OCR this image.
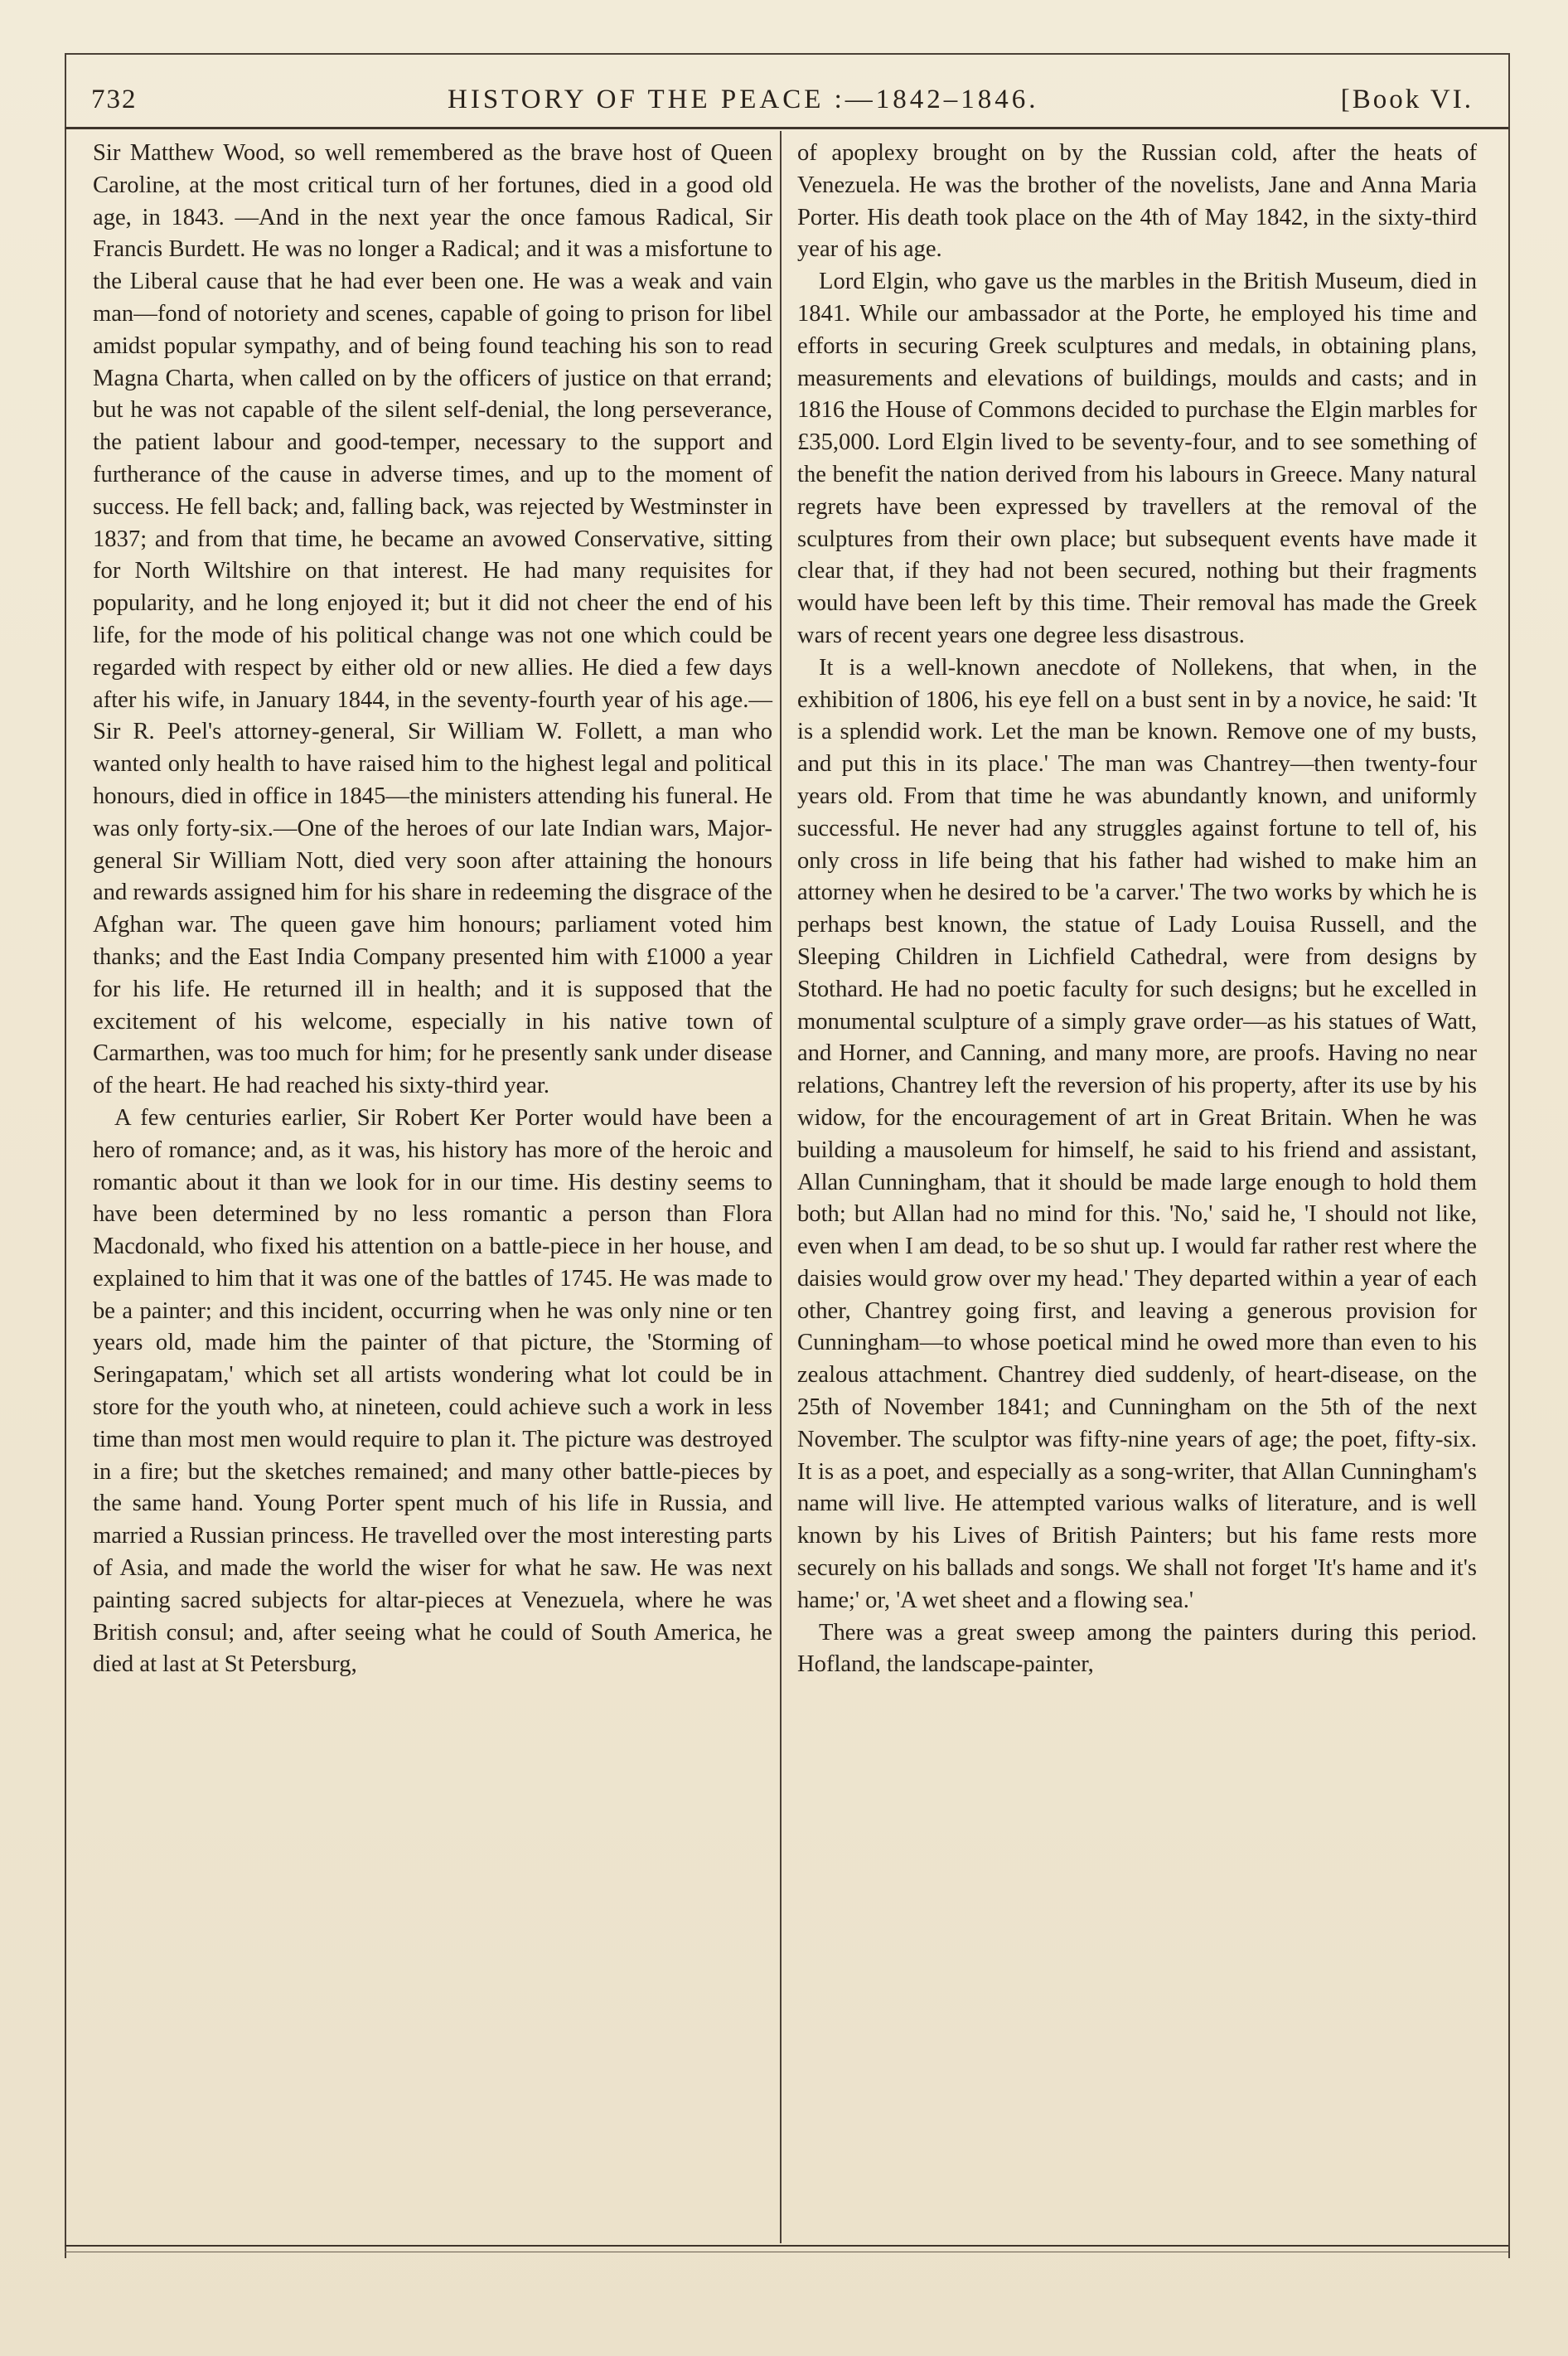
732	HISTORY OF THE PEACE :—1842–1846.	[Book VI.

Sir Matthew Wood, so well remembered as the brave host of Queen Caroline, at the most critical turn of her fortunes, died in a good old age, in 1843. —And in the next year the once famous Radical, Sir Francis Burdett. He was no longer a Radical; and it was a misfortune to the Liberal cause that he had ever been one. He was a weak and vain man—fond of notoriety and scenes, capable of going to prison for libel amidst popular sympathy, and of being found teaching his son to read Magna Charta, when called on by the officers of justice on that errand; but he was not capable of the silent self-denial, the long perseverance, the patient labour and good-temper, necessary to the support and furtherance of the cause in adverse times, and up to the moment of success. He fell back; and, falling back, was rejected by Westminster in 1837; and from that time, he became an avowed Conservative, sitting for North Wiltshire on that interest. He had many requisites for popularity, and he long enjoyed it; but it did not cheer the end of his life, for the mode of his political change was not one which could be regarded with respect by either old or new allies. He died a few days after his wife, in January 1844, in the seventy-fourth year of his age.—Sir R. Peel's attorney-general, Sir William W. Follett, a man who wanted only health to have raised him to the highest legal and political honours, died in office in 1845—the ministers attending his funeral. He was only forty-six.—One of the heroes of our late Indian wars, Major-general Sir William Nott, died very soon after attaining the honours and rewards assigned him for his share in redeeming the disgrace of the Afghan war. The queen gave him honours; parliament voted him thanks; and the East India Company presented him with £1000 a year for his life. He returned ill in health; and it is supposed that the excitement of his welcome, especially in his native town of Carmarthen, was too much for him; for he presently sank under disease of the heart. He had reached his sixty-third year.

A few centuries earlier, Sir Robert Ker Porter would have been a hero of romance; and, as it was, his history has more of the heroic and romantic about it than we look for in our time. His destiny seems to have been determined by no less romantic a person than Flora Macdonald, who fixed his attention on a battle-piece in her house, and explained to him that it was one of the battles of 1745. He was made to be a painter; and this incident, occurring when he was only nine or ten years old, made him the painter of that picture, the 'Storming of Seringapatam,' which set all artists wondering what lot could be in store for the youth who, at nineteen, could achieve such a work in less time than most men would require to plan it. The picture was destroyed in a fire; but the sketches remained; and many other battle-pieces by the same hand. Young Porter spent much of his life in Russia, and married a Russian princess. He travelled over the most interesting parts of Asia, and made the world the wiser for what he saw. He was next painting sacred subjects for altar-pieces at Venezuela, where he was British consul; and, after seeing what he could of South America, he died at last at St Petersburg,

of apoplexy brought on by the Russian cold, after the heats of Venezuela. He was the brother of the novelists, Jane and Anna Maria Porter. His death took place on the 4th of May 1842, in the sixty-third year of his age.

Lord Elgin, who gave us the marbles in the British Museum, died in 1841. While our ambassador at the Porte, he employed his time and efforts in securing Greek sculptures and medals, in obtaining plans, measurements and elevations of buildings, moulds and casts; and in 1816 the House of Commons decided to purchase the Elgin marbles for £35,000. Lord Elgin lived to be seventy-four, and to see something of the benefit the nation derived from his labours in Greece. Many natural regrets have been expressed by travellers at the removal of the sculptures from their own place; but subsequent events have made it clear that, if they had not been secured, nothing but their fragments would have been left by this time. Their removal has made the Greek wars of recent years one degree less disastrous.

It is a well-known anecdote of Nollekens, that when, in the exhibition of 1806, his eye fell on a bust sent in by a novice, he said: 'It is a splendid work. Let the man be known. Remove one of my busts, and put this in its place.' The man was Chantrey—then twenty-four years old. From that time he was abundantly known, and uniformly successful. He never had any struggles against fortune to tell of, his only cross in life being that his father had wished to make him an attorney when he desired to be 'a carver.' The two works by which he is perhaps best known, the statue of Lady Louisa Russell, and the Sleeping Children in Lichfield Cathedral, were from designs by Stothard. He had no poetic faculty for such designs; but he excelled in monumental sculpture of a simply grave order—as his statues of Watt, and Horner, and Canning, and many more, are proofs. Having no near relations, Chantrey left the reversion of his property, after its use by his widow, for the encouragement of art in Great Britain. When he was building a mausoleum for himself, he said to his friend and assistant, Allan Cunningham, that it should be made large enough to hold them both; but Allan had no mind for this. 'No,' said he, 'I should not like, even when I am dead, to be so shut up. I would far rather rest where the daisies would grow over my head.' They departed within a year of each other, Chantrey going first, and leaving a generous provision for Cunningham—to whose poetical mind he owed more than even to his zealous attachment. Chantrey died suddenly, of heart-disease, on the 25th of November 1841; and Cunningham on the 5th of the next November. The sculptor was fifty-nine years of age; the poet, fifty-six. It is as a poet, and especially as a song-writer, that Allan Cunningham's name will live. He attempted various walks of literature, and is well known by his Lives of British Painters; but his fame rests more securely on his ballads and songs. We shall not forget 'It's hame and it's hame;' or, 'A wet sheet and a flowing sea.'

There was a great sweep among the painters during this period. Hofland, the landscape-painter,
